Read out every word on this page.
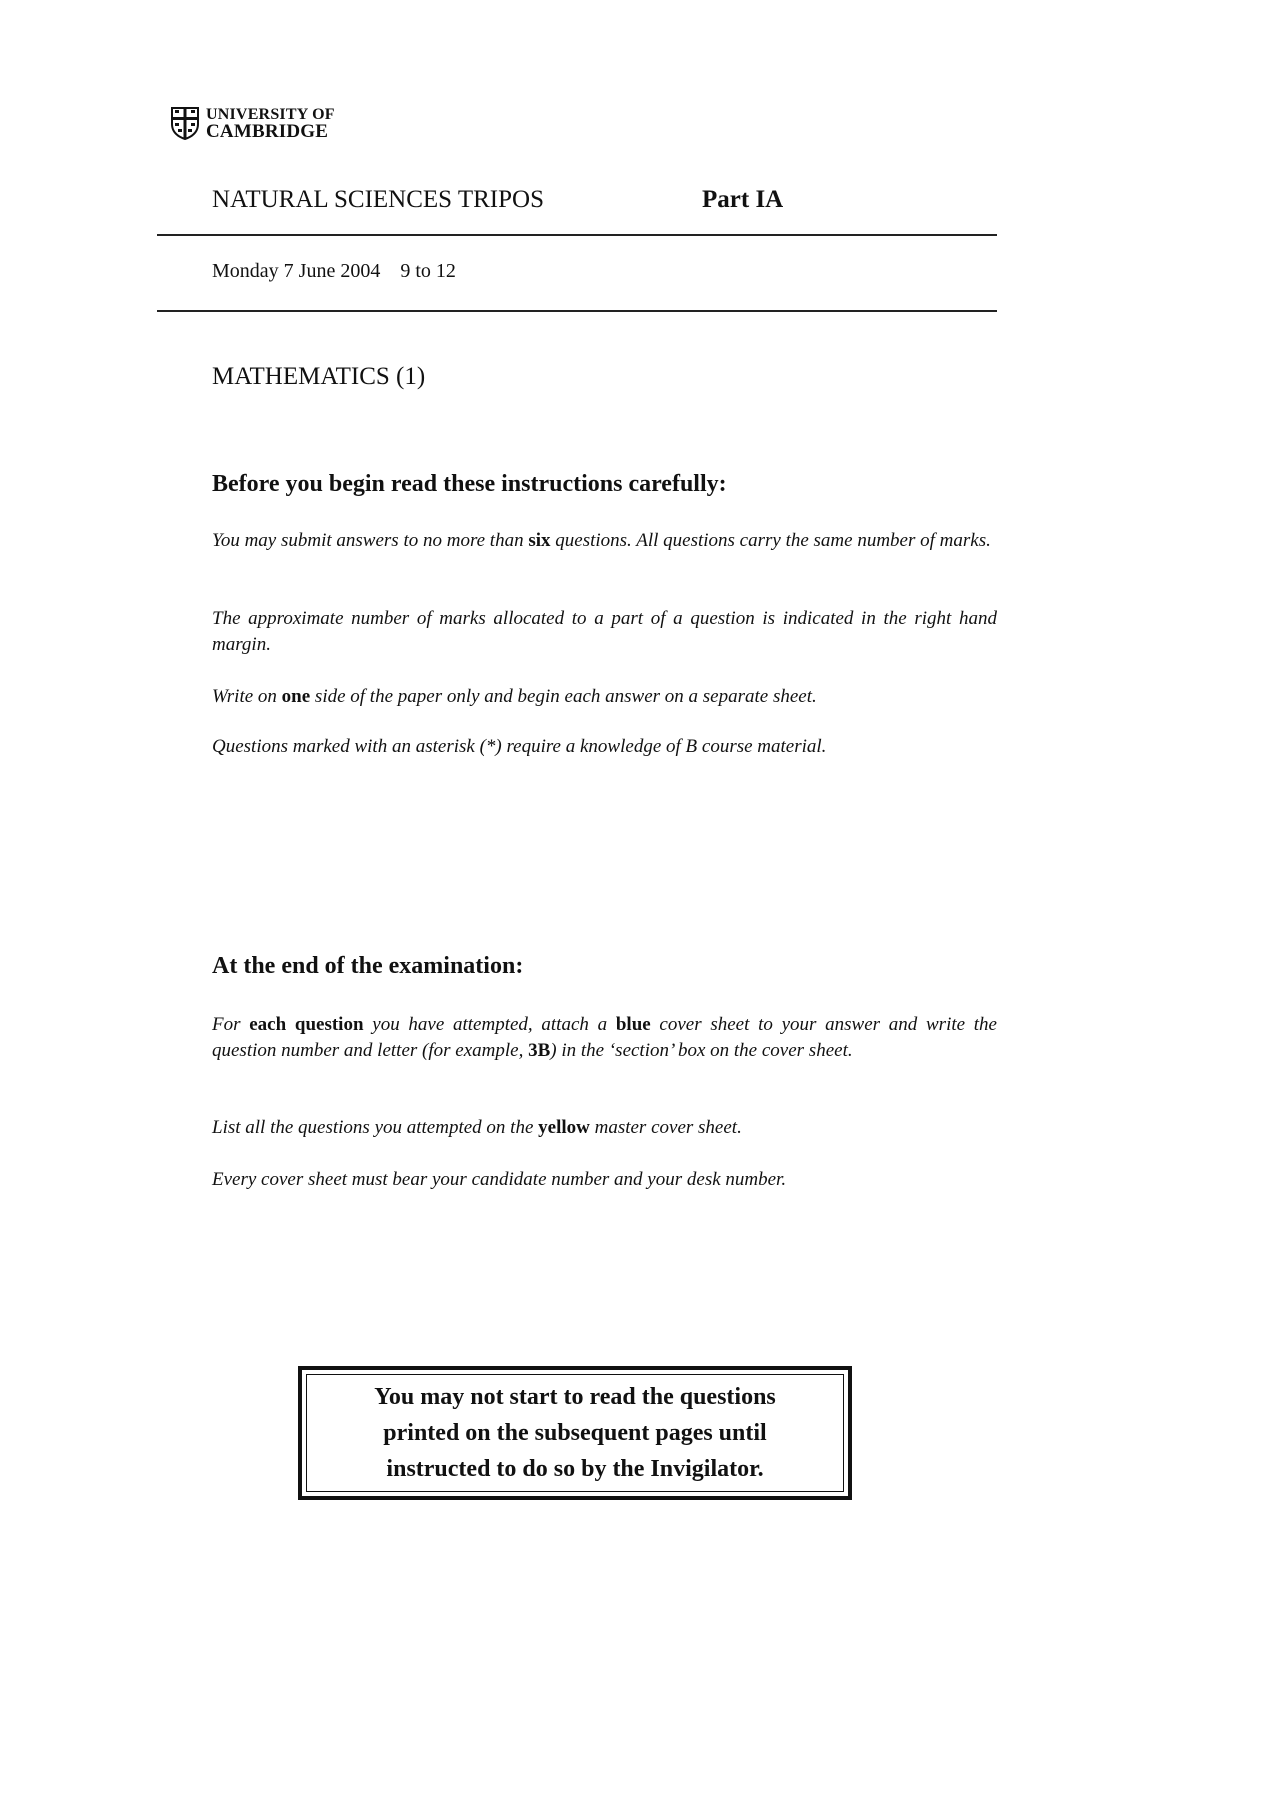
UNIVERSITY OF
CAMBRIDGE
NATURAL SCIENCES TRIPOS	Part IA
Monday 7 June 2004 9 to 12
MATHEMATICS (1)
Before you begin read these instructions carefully:
You may submit answers to no more than six questions. All questions carry the same number of marks.
The approximate number of marks allocated to a part of a question is indicated in the right hand margin.
Write on one side of the paper only and begin each answer on a separate sheet.
Questions marked with an asterisk (*) require a knowledge of B course material.
At the end of the examination:
For each question you have attempted, attach a blue cover sheet to your answer and write the question number and letter (for example, 3B) in the ‘section’ box on the cover sheet.
List all the questions you attempted on the yellow master cover sheet.
Every cover sheet must bear your candidate number and your desk number.
You may not start to read the questions
printed on the subsequent pages until
instructed to do so by the Invigilator.
